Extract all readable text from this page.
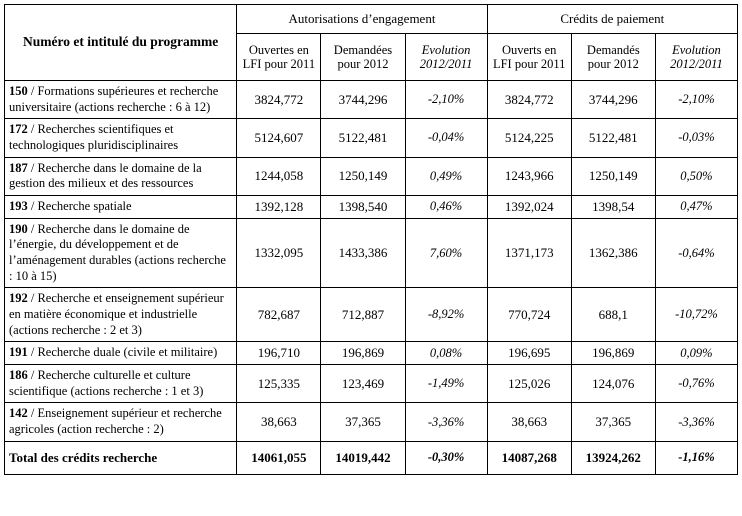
Numéro et intitulé du programme	Autorisations d’engagement			Crédits de paiement		
	Ouvertes en LFI pour 2011	Demandées pour 2012	Evolution 2012/2011	Ouverts en LFI pour 2011	Demandés pour 2012	Evolution 2012/2011
150 / Formations supérieures et recherche universitaire (actions recherche : 6 à 12)	3824,772	3744,296	-2,10%	3824,772	3744,296	-2,10%
172 / Recherches scientifiques et technologiques pluridisciplinaires	5124,607	5122,481	-0,04%	5124,225	5122,481	-0,03%
187 / Recherche dans le domaine de la gestion des milieux et des ressources	1244,058	1250,149	0,49%	1243,966	1250,149	0,50%
193 / Recherche spatiale	1392,128	1398,540	0,46%	1392,024	1398,54	0,47%
190 / Recherche dans le domaine de l’énergie, du développement et de l’aménagement durables (actions recherche : 10 à 15)	1332,095	1433,386	7,60%	1371,173	1362,386	-0,64%
192 / Recherche et enseignement supérieur en matière économique et industrielle (actions recherche : 2 et 3)	782,687	712,887	-8,92%	770,724	688,1	-10,72%
191 / Recherche duale (civile et militaire)	196,710	196,869	0,08%	196,695	196,869	0,09%
186 / Recherche culturelle et culture scientifique (actions recherche : 1 et 3)	125,335	123,469	-1,49%	125,026	124,076	-0,76%
142 / Enseignement supérieur et recherche agricoles (action recherche : 2)	38,663	37,365	-3,36%	38,663	37,365	-3,36%
Total des crédits recherche	14061,055	14019,442	-0,30%	14087,268	13924,262	-1,16%
